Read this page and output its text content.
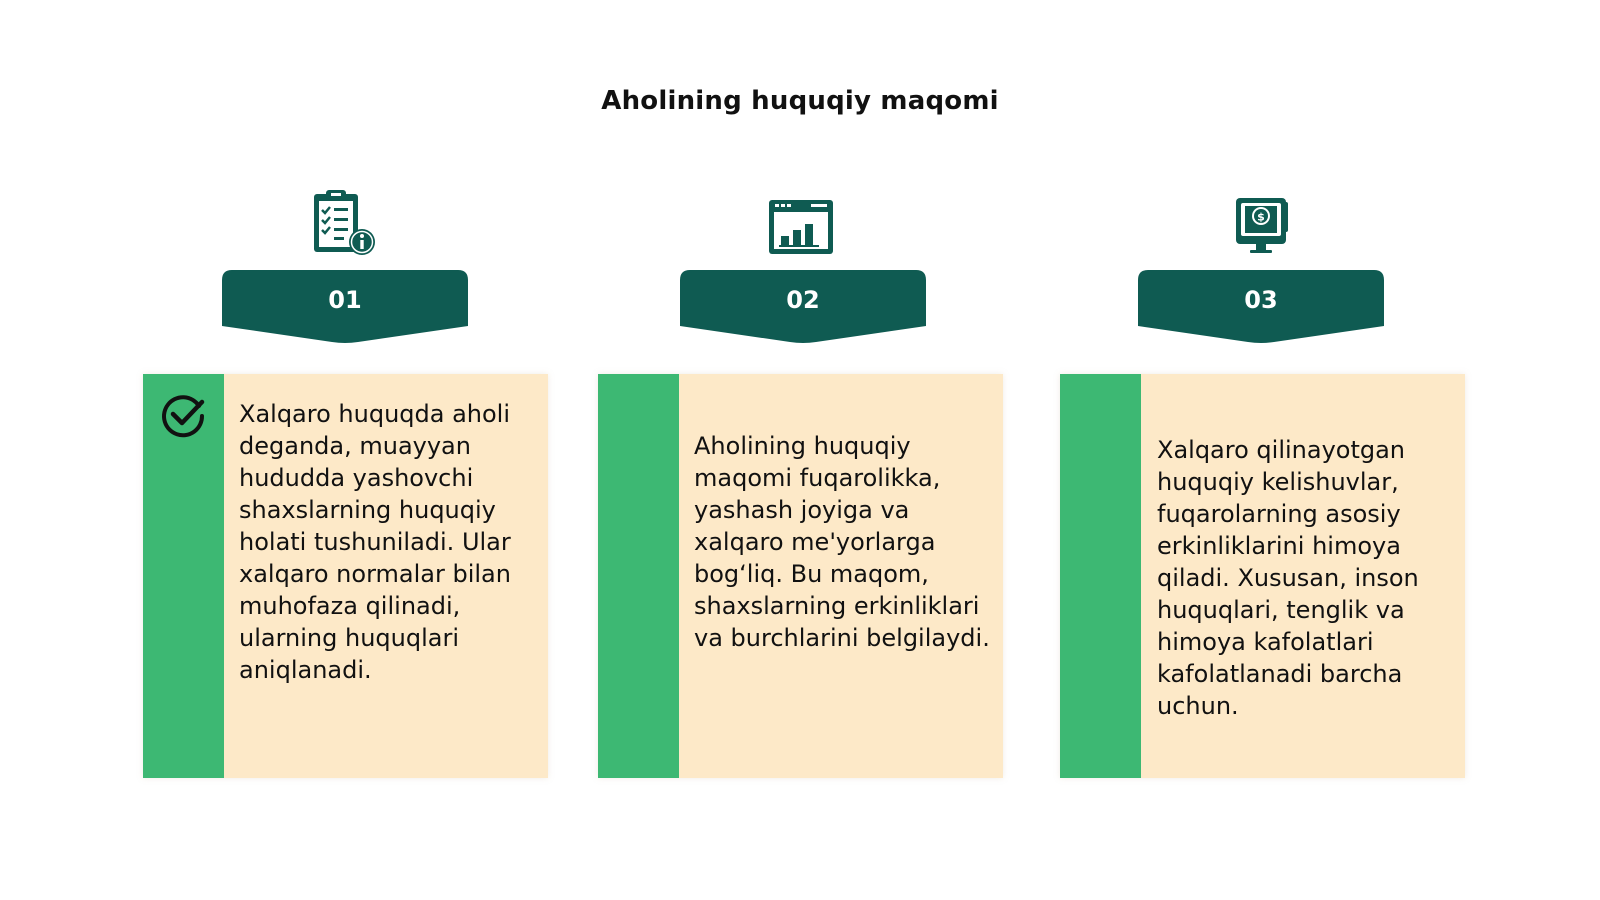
Aholining huquqiy maqomi
01
Xalqaro huquqda aholi deganda, muayyan hududda yashovchi shaxslarning huquqiy holati tushuniladi. Ular xalqaro normalar bilan muhofaza qilinadi, ularning huquqlari aniqlanadi.
02
Aholining huquqiy maqomi fuqarolikka, yashash joyiga va xalqaro me'yorlarga bog‘liq. Bu maqom, shaxslarning erkinliklari va burchlarini belgilaydi.
$
03
Xalqaro qilinayotgan huquqiy kelishuvlar, fuqarolarning asosiy erkinliklarini himoya qiladi. Xususan, inson huquqlari, tenglik va himoya kafolatlari kafolatlanadi barcha uchun.
